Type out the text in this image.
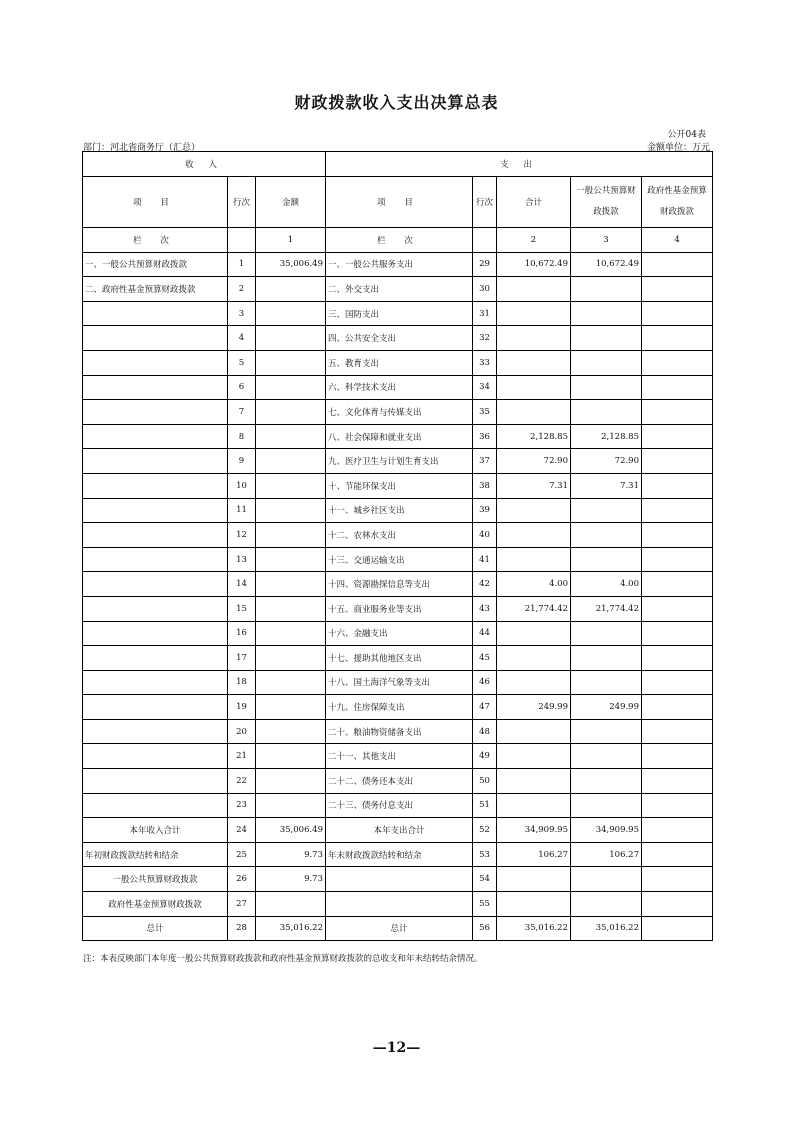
财政拨款收入支出决算总表
公开04表
部门：河北省商务厅（汇总）	金额单位：万元
收 入			支 出				
项 目	行次	金额	项 目	行次	合计	一般公共预算财政拨款	政府性基金预算财政拨款
栏 次		1	栏 次		2	3	4
一、一般公共预算财政拨款	1	35,006.49	一、一般公共服务支出	29	10,672.49	10,672.49	
二、政府性基金预算财政拨款	2		二、外交支出	30			
	3		三、国防支出	31			
	4		四、公共安全支出	32			
	5		五、教育支出	33			
	6		六、科学技术支出	34			
	7		七、文化体育与传媒支出	35			
	8		八、社会保障和就业支出	36	2,128.85	2,128.85	
	9		九、医疗卫生与计划生育支出	37	72.90	72.90	
	10		十、节能环保支出	38	7.31	7.31	
	11		十一、城乡社区支出	39			
	12		十二、农林水支出	40			
	13		十三、交通运输支出	41			
	14		十四、资源勘探信息等支出	42	4.00	4.00	
	15		十五、商业服务业等支出	43	21,774.42	21,774.42	
	16		十六、金融支出	44			
	17		十七、援助其他地区支出	45			
	18		十八、国土海洋气象等支出	46			
	19		十九、住房保障支出	47	249.99	249.99	
	20		二十、粮油物资储备支出	48			
	21		二十一、其他支出	49			
	22		二十二、债务还本支出	50			
	23		二十三、债务付息支出	51			
本年收入合计	24	35,006.49	本年支出合计	52	34,909.95	34,909.95	
年初财政拨款结转和结余	25	9.73	年末财政拨款结转和结余	53	106.27	106.27	
一般公共预算财政拨款	26	9.73		54			
政府性基金预算财政拨款	27			55			
总计	28	35,016.22	总计	56	35,016.22	35,016.22	
注：本表反映部门本年度一般公共预算财政拨款和政府性基金预算财政拨款的总收支和年末结转结余情况。
—12—
